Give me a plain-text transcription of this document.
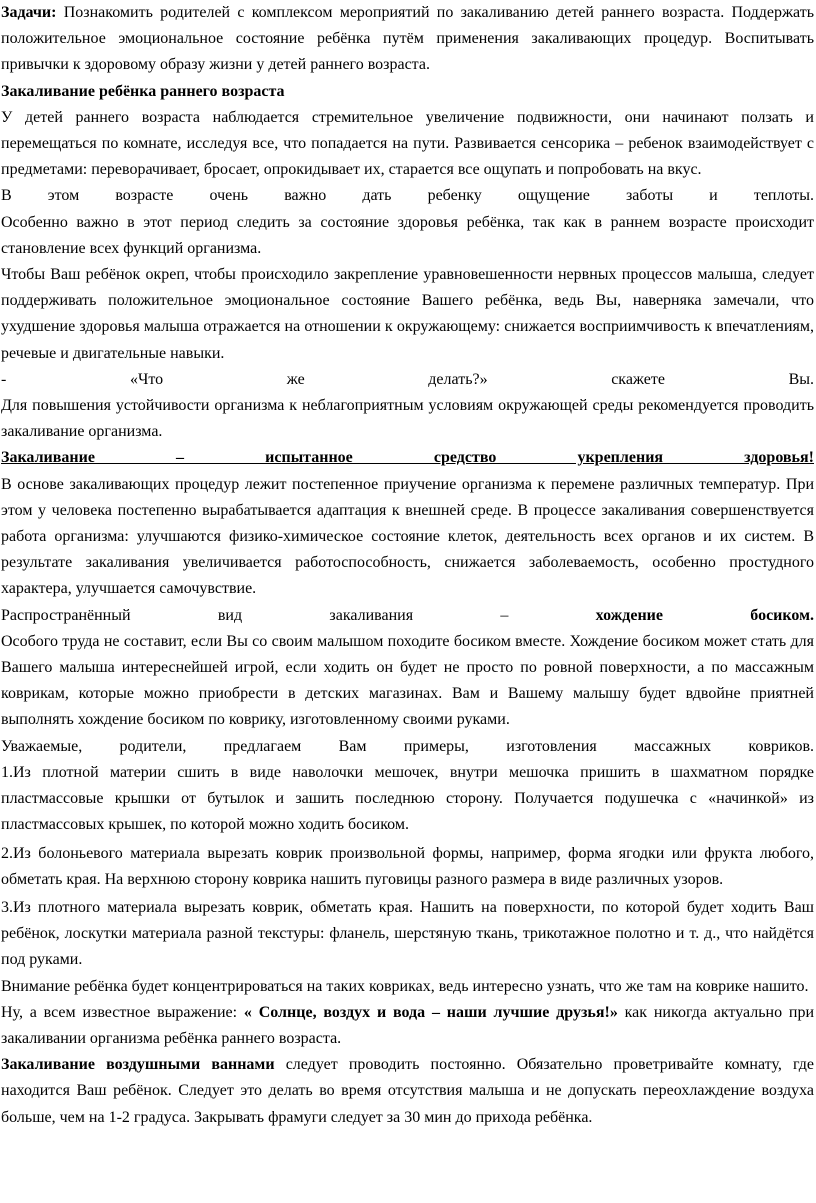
Задачи: Познакомить родителей с комплексом мероприятий по закаливанию детей раннего возраста. Поддержать положительное эмоциональное состояние ребёнка путём применения закаливающих процедур. Воспитывать привычки к здоровому образу жизни у детей раннего возраста.

Закаливание ребёнка раннего возраста

У детей раннего возраста наблюдается стремительное увеличение подвижности, они начинают ползать и перемещаться по комнате, исследуя все, что попадается на пути. Развивается сенсорика – ребенок взаимодействует с предметами: переворачивает, бросает, опрокидывает их, старается все ощупать и попробовать на вкус.

В этом возрасте очень важно дать ребенку ощущение заботы и теплоты.

Особенно важно в этот период следить за состояние здоровья ребёнка, так как в раннем возрасте происходит становление всех функций организма.

Чтобы Ваш ребёнок окреп, чтобы происходило закрепление уравновешенности нервных процессов малыша, следует поддерживать положительное эмоциональное состояние Вашего ребёнка, ведь Вы, наверняка замечали, что ухудшение здоровья малыша отражается на отношении к окружающему: снижается восприимчивость к впечатлениям, речевые и двигательные навыки.

- «Что же делать?» скажете Вы.

Для повышения устойчивости организма к неблагоприятным условиям окружающей среды рекомендуется проводить закаливание организма.

Закаливание – испытанное средство укрепления здоровья!

В основе закаливающих процедур лежит постепенное приучение организма к перемене различных температур. При этом у человека постепенно вырабатывается адаптация к внешней среде. В процессе закаливания совершенствуется работа организма: улучшаются физико-химическое состояние клеток, деятельность всех органов и их систем. В результате закаливания увеличивается работоспособность, снижается заболеваемость, особенно простудного характера, улучшается самочувствие.

Распространённый вид закаливания – хождение босиком.

Особого труда не составит, если Вы со своим малышом походите босиком вместе. Хождение босиком может стать для Вашего малыша интереснейшей игрой, если ходить он будет не просто по ровной поверхности, а по массажным коврикам, которые можно приобрести в детских магазинах. Вам и Вашему малышу будет вдвойне приятней выполнять хождение босиком по коврику, изготовленному своими руками.

Уважаемые, родители, предлагаем Вам примеры, изготовления массажных ковриков.

1.Из плотной материи сшить в виде наволочки мешочек, внутри мешочка пришить в шахматном порядке пластмассовые крышки от бутылок и зашить последнюю сторону. Получается подушечка с «начинкой» из пластмассовых крышек, по которой можно ходить босиком.

2.Из болоньевого материала вырезать коврик произвольной формы, например, форма ягодки или фрукта любого, обметать края. На верхнюю сторону коврика нашить пуговицы разного размера в виде различных узоров.

3.Из плотного материала вырезать коврик, обметать края. Нашить на поверхности, по которой будет ходить Ваш ребёнок, лоскутки материала разной текстуры: фланель, шерстяную ткань, трикотажное полотно и т. д., что найдётся под руками.

Внимание ребёнка будет концентрироваться на таких ковриках, ведь интересно узнать, что же там на коврике нашито.

Ну, а всем известное выражение: « Солнце, воздух и вода – наши лучшие друзья!» как никогда актуально при закаливании организма ребёнка раннего возраста.

Закаливание воздушными ваннами следует проводить постоянно. Обязательно проветривайте комнату, где находится Ваш ребёнок. Следует это делать во время отсутствия малыша и не допускать переохлаждение воздуха больше, чем на 1-2 градуса. Закрывать фрамуги следует за 30 мин до прихода ребёнка.
